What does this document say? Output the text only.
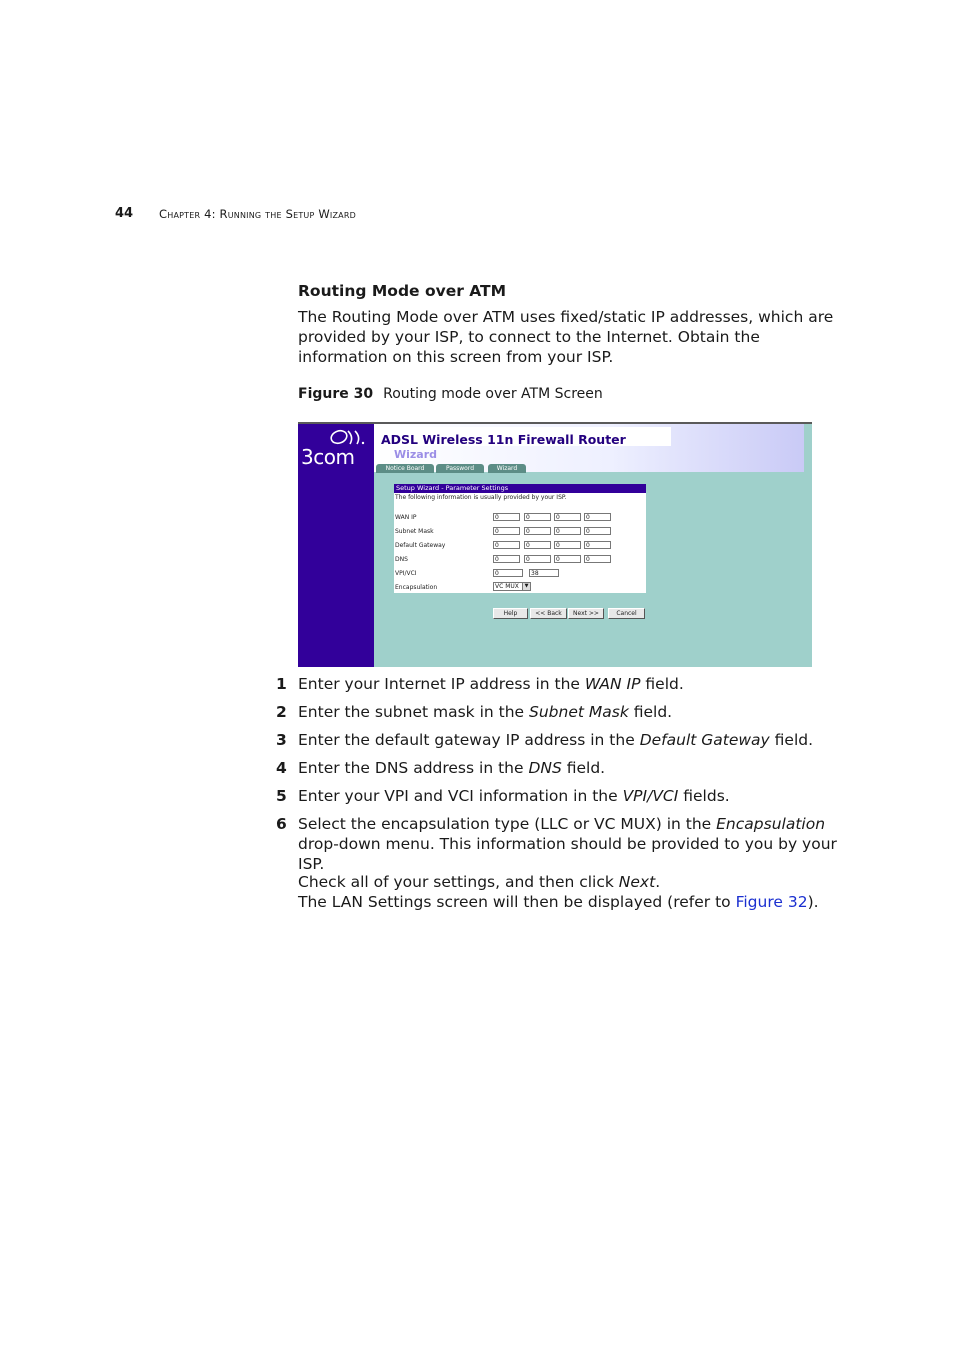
44 Chapter 4: Running the Setup Wizard
Routing Mode over ATM

The Routing Mode over ATM uses fixed/static IP addresses, which are provided by your ISP, to connect to the Internet. Obtain the information on this screen from your ISP.

Figure 30 Routing mode over ATM Screen
3com
ADSL Wireless 11n Firewall Router
Wizard
Notice Board	Password	Wizard
Setup Wizard - Parameter Settings
The following information is usually provided by your ISP.
WAN IP	0	0	0	0
Subnet Mask	0	0	0	0
Default Gateway	0	0	0	0
DNS	0	0	0	0
VPI/VCI	0	38
Encapsulation	VC MUX	▼
Help	<< Back	Next >>	Cancel
1 Enter your Internet IP address in the WAN IP field.
2 Enter the subnet mask in the Subnet Mask field.
3 Enter the default gateway IP address in the Default Gateway field.
4 Enter the DNS address in the DNS field.
5 Enter your VPI and VCI information in the VPI/VCI fields.
6 Select the encapsulation type (LLC or VC MUX) in the Encapsulation drop-down menu. This information should be provided to you by your ISP.
Check all of your settings, and then click Next.
The LAN Settings screen will then be displayed (refer to Figure 32).
